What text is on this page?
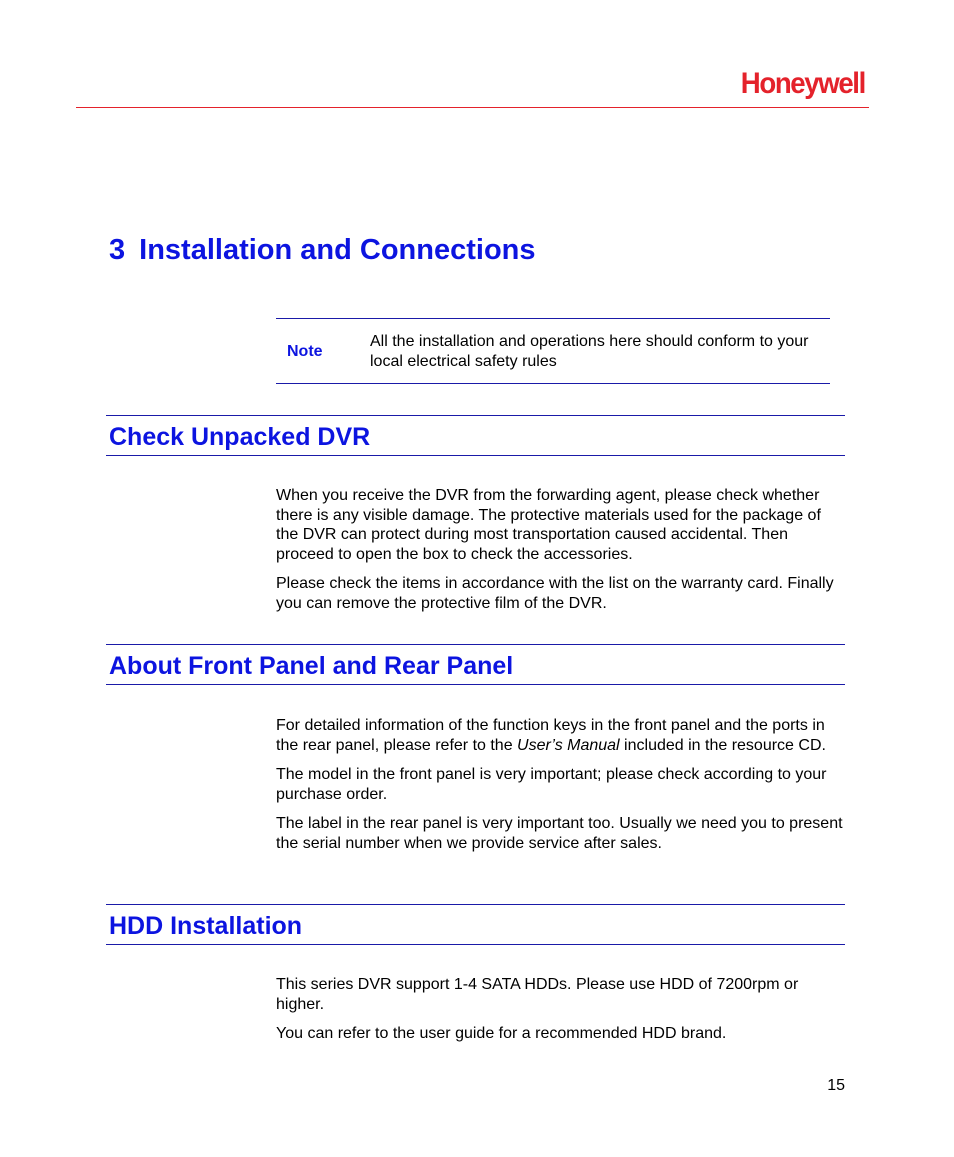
Honeywell
3 Installation and Connections
Note
All the installation and operations here should conform to your local electrical safety rules
Check Unpacked DVR

When you receive the DVR from the forwarding agent, please check whether there is any visible damage. The protective materials used for the package of the DVR can protect during most transportation caused accidental. Then proceed to open the box to check the accessories.

Please check the items in accordance with the list on the warranty card. Finally you can remove the protective film of the DVR.

About Front Panel and Rear Panel

For detailed information of the function keys in the front panel and the ports in the rear panel, please refer to the User’s Manual included in the resource CD.

The model in the front panel is very important; please check according to your purchase order.

The label in the rear panel is very important too. Usually we need you to present the serial number when we provide service after sales.

HDD Installation

This series DVR support 1-4 SATA HDDs. Please use HDD of 7200rpm or higher.

You can refer to the user guide for a recommended HDD brand.

15
